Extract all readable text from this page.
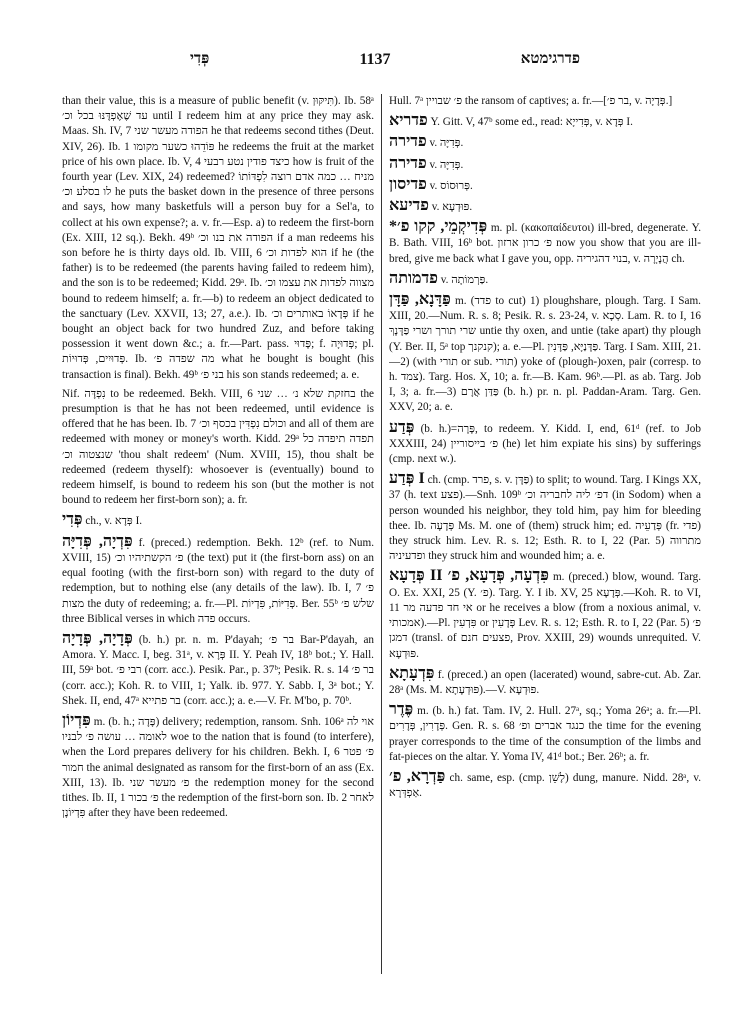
פְּדִי	1137	פדרגימטא

than their value, this is a measure of public benefit (v. תִּיקּוּן). Ib. 58ᵃ עד שֶׁאֶפְדֶּנּוּ בכל וכ׳ until I redeem him at any price they may ask. Maas. Sh. IV, 7 הפודה מעשר שני he that redeems second tithes (Deut. XIV, 26). Ib. 1 פּוֹדֵהוּ כשער מקומו he redeems the fruit at the market price of his own place. Ib. V, 4 כיצד פודין נטע רבעי how is fruit of the fourth year (Lev. XIX, 24) redeemed? מניח … כמה אדם רוצה לִפְדּוֹתוֹ לו בסלע וכ׳ he puts the basket down in the presence of three persons and says, how many basketfuls will a person buy for a Sel'a, to collect at his own expense?; a. v. fr.—Esp. a) to redeem the first-born (Ex. XIII, 12 sq.). Bekh. 49ᵇ הפודה את בנו וכ׳ if a man redeems his son before he is thirty days old. Ib. VIII, 6 הוא לפדות וכ׳ if he (the father) is to be redeemed (the parents having failed to redeem him), and the son is to be redeemed; Kidd. 29ᵃ. Ib. מצווה לפדות את עצמו וכ׳ bound to redeem himself; a. fr.—b) to redeem an object dedicated to the sanctuary (Lev. XXVII, 13; 27, a.e.). Ib. פְּדָאוֹ באותרים וכ׳ if he bought an object back for two hundred Zuz, and before taking possession it went down &c.; a. fr.—Part. pass. פָּדוּי; f. פְּדוּיָה; pl. פְּדוּיִים, פְּדוּיוֹת. Ib. מה שפדה פ׳ what he bought is bought (his transaction is final). Bekh. 49ᵇ בני פ׳ his son stands redeemed; a. e.

Nif. נִפְדָּה to be redeemed. Bekh. VIII, 6 בחזקת שלא נ׳ … שני the presumption is that he has not been redeemed, until evidence is offered that he has been. Ib. 7 וכולם נִפְדִּין בכסף וכ׳ and all of them are redeemed with money or money's worth. Kidd. 29ᵃ תפדה תיפדה כל שנצטוה וכ׳ 'thou shalt redeem' (Num. XVIII, 15), thou shalt be redeemed (redeem thyself): whosoever is (eventually) bound to redeem himself, is bound to redeem his son (but the mother is not bound to redeem her first-born son); a. fr.

פְּדִי ch., v. פְּדָא I.

פִּדְיָה, פְּדִיָּה f. (preced.) redemption. Bekh. 12ᵇ (ref. to Num. XVIII, 15) פ׳ הקשתיהיו וכ׳ (the text) put it (the first-born ass) on an equal footing (with the first-born son) with regard to the duty of redemption, but to nothing else (any details of the law). Ib. I, 7 פ׳ מצות the duty of redeeming; a. fr.—Pl. פְּדִיּוֹת, פִּדְיוֹת. Ber. 55ᵇ שלש פ׳ three Biblical verses in which פדה occurs.

פְּדָיָה, פְּדָיָה (b. h.) pr. n. m. P'dayah; בר פ׳ Bar-P'dayah, an Amora. Y. Macc. I, beg. 31ᵃ, v. פְּרָא II. Y. Peah IV, 18ᵇ bot.; Y. Hall. III, 59ᵃ bot. רבי פ׳ (corr. acc.). Pesik. Par., p. 37ᵇ; Pesik. R. s. 14 בר פ׳ (corr. acc.); Koh. R. to VIII, 1; Yalk. ib. 977. Y. Sabb. I, 3ᵃ bot.; Y. Shek. II, end, 47ᵃ בר פתייא (corr. acc.); a. e.—V. Fr. M'bo, p. 70ᵇ.

פִּדְיוֹן m. (b. h.; פָּדָה) delivery; redemption, ransom. Snh. 106ᵃ אוי לה לאומה … עושה פ׳ לבניו woe to the nation that is found (to interfere), when the Lord prepares delivery for his children. Bekh. I, 6 פ׳ פטר חמור the animal designated as ransom for the first-born of an ass (Ex. XIII, 13). Ib. פ׳ מעשר שני the redemption money for the second tithes. Ib. II, 1 פ׳ בכור the redemption of the first-born son. Ib. 2 לאחר פִּדְיוֹנָן after they have been redeemed.

Hull. 7ᵃ פ׳ שבויין the ransom of captives; a. fr.—[בר פ׳, v. פְּדָיָה.]

פדריא Y. Gitt. V, 47ᵇ some ed., read: פְּדִייָא, v. פְּדָא I.

פדירה v. פְּדִיָּה.

פדירה v. פְּדִיָּה.

פדיסון v. פְּרוּסוֹס.

פדיעא v. פּוּדְעָא.

*פְּדִיקְמֵי, קקו פ׳ m. pl. (κακοπαίδευτοι) ill-bred, degenerate. Y. B. Bath. VIII, 16ᵇ bot. פ׳ כרון ארזון now you show that you are ill-bred, give me back what I gave you, opp. בנוי דהגיריה, v. הֲנָיְרָה ch.

פדמותה v. פַּרְמוֹתָה.

פַּדָּנָא, פַּדָּן m. (פדד to cut) 1) ploughshare, plough. Targ. I Sam. XIII, 20.—Num. R. s. 8; Pesik. R. s. 23-24, v. סְכָא. Lam. R. to I, 16 שרי תורך ושרי פַּדָּנָךְ untie thy oxen, and untie (take apart) thy plough (Y. Ber. II, 5ᵃ top קנקנך); a. e.—Pl. פַּדָּנַיָּא, פַּדָּנִין. Targ. I Sam. XIII, 21.—2) (with תורי or sub. תורי) yoke of (plough-)oxen, pair (corresp. to h. צמד). Targ. Hos. X, 10; a. fr.—B. Kam. 96ᵇ.—Pl. as ab. Targ. Job I, 3; a. fr.—3) פַּדַּן אֲרָם (b. h.) pr. n. pl. Paddan-Aram. Targ. Gen. XXV, 20; a. e.

פְּדַע (b. h.)=פָּרָה, to redeem. Y. Kidd. I, end, 61ᵈ (ref. to Job XXXIII, 24) פ׳ בייסוריין (he) let him expiate his sins) by sufferings (cmp. next w.).

פְּדַע I ch. (cmp. פרד, s. v. פַּדָּן) to split; to wound. Targ. I Kings XX, 37 (h. text פצע).—Snh. 109ᵇ דפ׳ ליה לחבריה וכ׳ (in Sodom) when a person wounded his neighbor, they told him, pay him for bleeding thee. Ib. פְּדָעָה Ms. M. one of (them) struck him; ed. פְּדַעֵיה (fr. פדי) they struck him. Lev. R. s. 12; Esth. R. to I, 22 (Par. 5) מתרווה ופדעיניה they struck him and wounded him; a. e.

פְּדָעָא II פִּדְעָה, פְּדָעָא, פ׳ m. (preced.) blow, wound. Targ. O. Ex. XXI, 25 (Y. פ׳). Targ. Y. I ib. XV, 25 פְּדָעָא.—Koh. R. to VI, 11 אי חד פדעה מר or he receives a blow (from a noxious animal, v. אמכותי).—Pl. פִּדְעִין or פְּדָעִין Lev. R. s. 12; Esth. R. to I, 22 (Par. 5) פ׳ דמגן (transl. of פצעים חנם, Prov. XXIII, 29) wounds unrequited. V. פּוּדְעָא.

פִּדְעָתָא f. (preced.) an open (lacerated) wound, sabre-cut. Ab. Zar. 28ᵃ (Ms. M. פּוּדְעָתָא).—V. פּוּדְעָא.

פֶּדֶר m. (b. h.) fat. Tam. IV, 2. Hull. 27ᵃ, sq.; Yoma 26ᵃ; a. fr.—Pl. פְּדָרִין, פְּדָרִים. Gen. R. s. 68 כנגד אברים ופ׳ the time for the evening prayer corresponds to the time of the consumption of the limbs and fat-pieces on the altar. Y. Yoma IV, 41ᵈ bot.; Ber. 26ᵇ; a. fr.

פַּדְרָא, פ׳ ch. same, esp. (cmp. לָשֵׁן) dung, manure. Nidd. 28ᵃ, v. אַפְדְּרָא.
